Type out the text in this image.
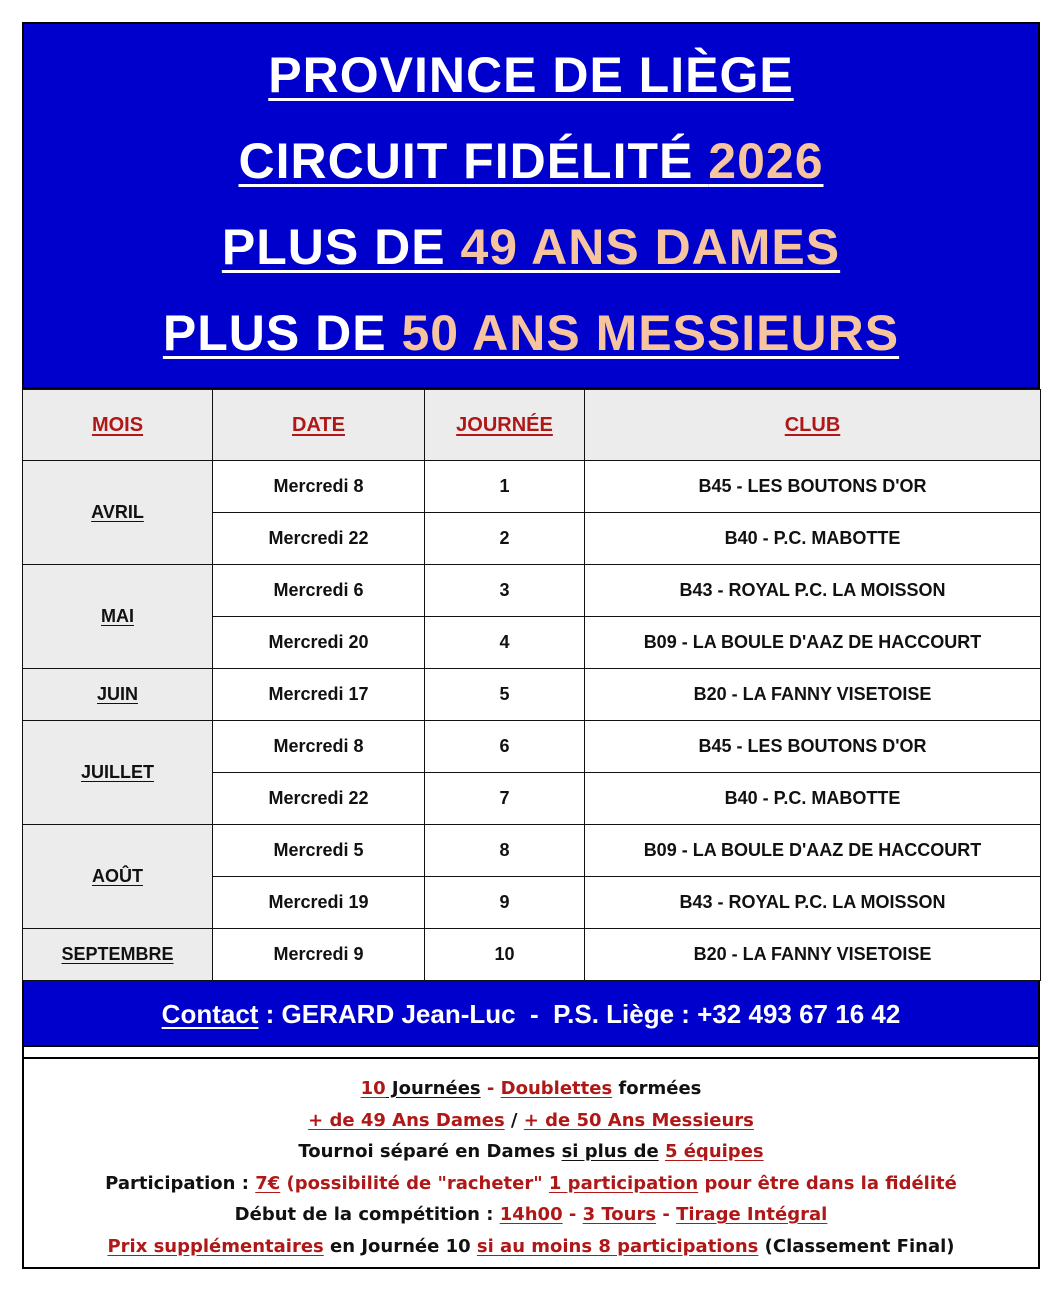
PROVINCE DE LIÈGE
CIRCUIT FIDÉLITÉ 2026
PLUS DE 49 ANS DAMES
PLUS DE 50 ANS MESSIEURS
MOIS	DATE	JOURNÉE	CLUB
AVRIL	Mercredi 8	1	B45 - LES BOUTONS D'OR
	Mercredi 22	2	B40 - P.C. MABOTTE
MAI	Mercredi 6	3	B43 - ROYAL P.C. LA MOISSON
	Mercredi 20	4	B09 - LA BOULE D'AAZ DE HACCOURT
JUIN	Mercredi 17	5	B20 - LA FANNY VISETOISE
JUILLET	Mercredi 8	6	B45 - LES BOUTONS D'OR
	Mercredi 22	7	B40 - P.C. MABOTTE
AOÛT	Mercredi 5	8	B09 - LA BOULE D'AAZ DE HACCOURT
	Mercredi 19	9	B43 - ROYAL P.C. LA MOISSON
SEPTEMBRE	Mercredi 9	10	B20 - LA FANNY VISETOISE
Contact : GERARD Jean-Luc  -  P.S. Liège : +32 493 67 16 42
10 Journées - Doublettes formées
+ de 49 Ans Dames / + de 50 Ans Messieurs
Tournoi séparé en Dames si plus de 5 équipes
Participation : 7€ (possibilité de "racheter" 1 participation pour être dans la fidélité
Début de la compétition : 14h00 - 3 Tours - Tirage Intégral
Prix supplémentaires en Journée 10 si au moins 8 participations (Classement Final)
